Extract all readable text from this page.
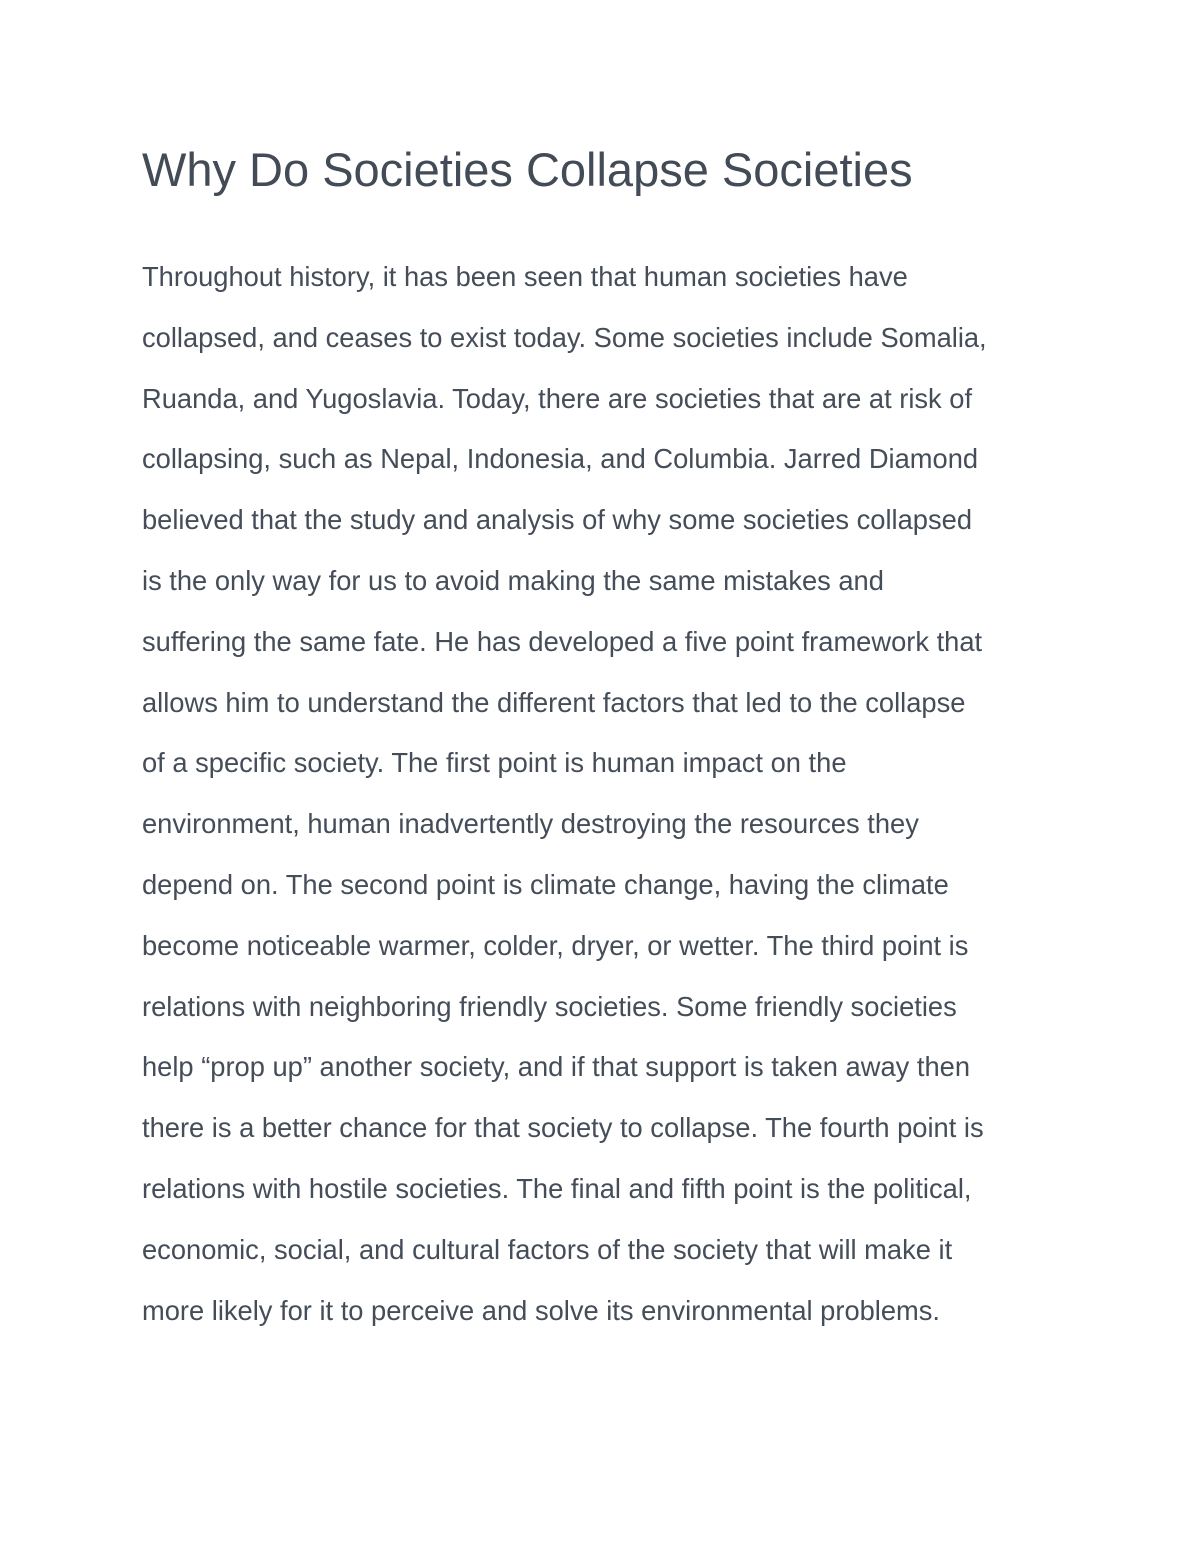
Why Do Societies Collapse Societies
Throughout history, it has been seen that human societies have
collapsed, and ceases to exist today. Some societies include Somalia,
Ruanda, and Yugoslavia. Today, there are societies that are at risk of
collapsing, such as Nepal, Indonesia, and Columbia. Jarred Diamond
believed that the study and analysis of why some societies collapsed
is the only way for us to avoid making the same mistakes and
suffering the same fate. He has developed a five point framework that
allows him to understand the different factors that led to the collapse
of a specific society. The first point is human impact on the
environment, human inadvertently destroying the resources they
depend on. The second point is climate change, having the climate
become noticeable warmer, colder, dryer, or wetter. The third point is
relations with neighboring friendly societies. Some friendly societies
help “prop up” another society, and if that support is taken away then
there is a better chance for that society to collapse. The fourth point is
relations with hostile societies. The final and fifth point is the political,
economic, social, and cultural factors of the society that will make it
more likely for it to perceive and solve its environmental problems.
